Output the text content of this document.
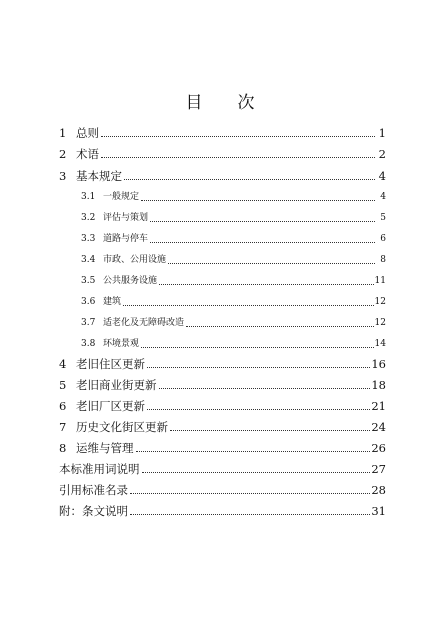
目 次
1 总则	1
2 术语	2
3 基本规定	4
3.1 一般规定	4
3.2 评估与策划	5
3.3 道路与停车	6
3.4 市政、公用设施	8
3.5 公共服务设施	11
3.6 建筑	12
3.7 适老化及无障碍改造	12
3.8 环境景观	14
4 老旧住区更新	16
5 老旧商业街更新	18
6 老旧厂区更新	21
7 历史文化街区更新	24
8 运维与管理	26
本标准用词说明	27
引用标准名录	28
附：条文说明	31
